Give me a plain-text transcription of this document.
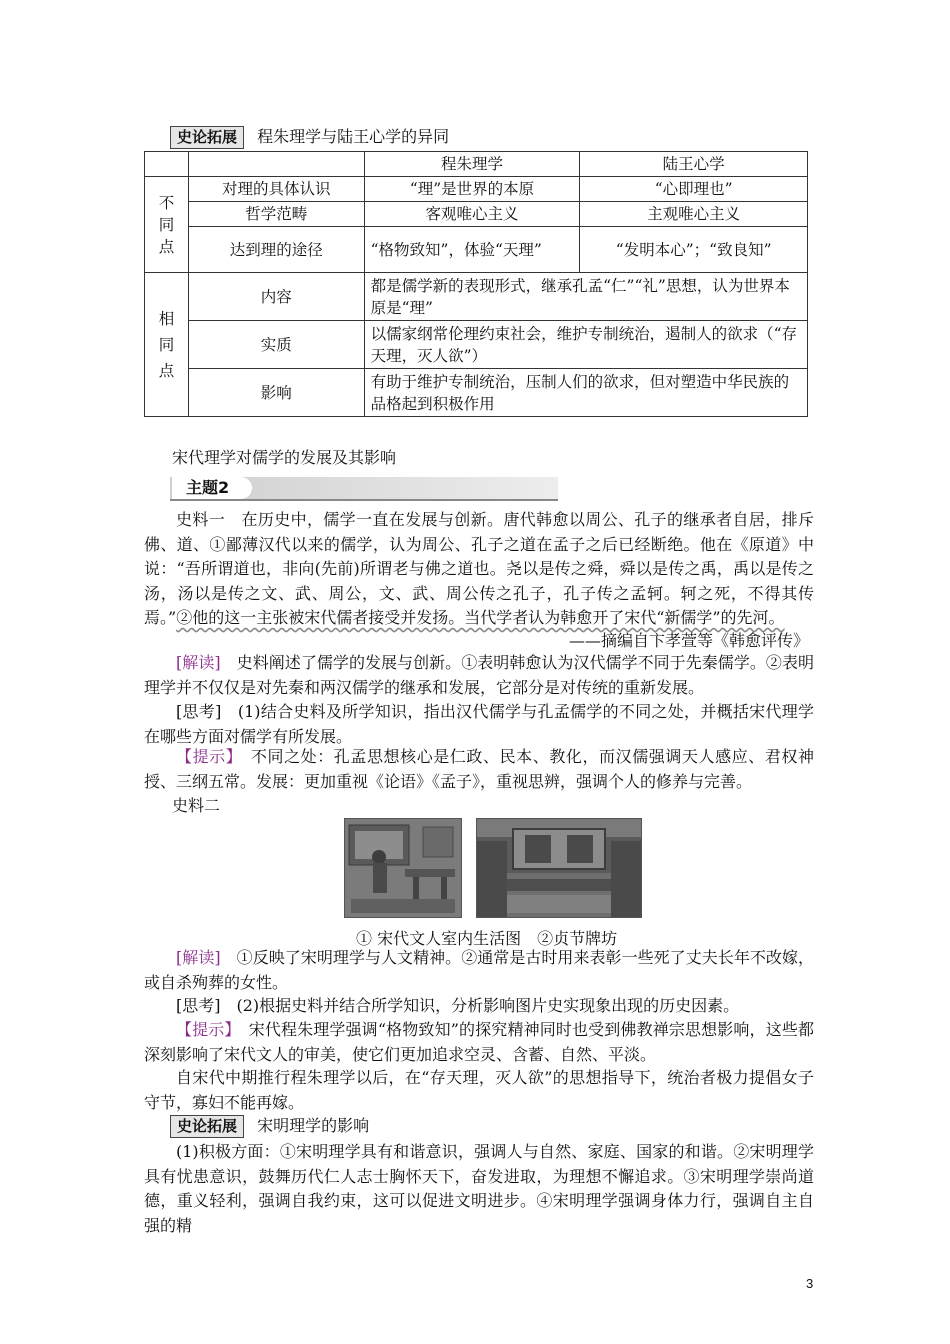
史论拓展 程朱理学与陆王心学的异同
		程朱理学	陆王心学

不同点	对理的具体认识	“理”是世界的本原	“心即理也”
	哲学范畴	客观唯心主义	主观唯心主义
	达到理的途径	“格物致知”，体验“天理”	“发明本心”；“致良知”

相同点	内容	都是儒学新的表现形式，继承孔孟“仁”“礼”思想，认为世界本原是“理”	
	实质	以儒家纲常伦理约束社会，维护专制统治，遏制人的欲求（“存天理，灭人欲”）	
	影响	有助于维护专制统治，压制人们的欲求，但对塑造中华民族的品格起到积极作用	
宋代理学对儒学的发展及其影响
主题2
史料一　在历史中，儒学一直在发展与创新。唐代韩愈以周公、孔子的继承者自居，排斥佛、道、①鄙薄汉代以来的儒学，认为周公、孔子之道在孟子之后已经断绝。他在《原道》中说：“吾所谓道也，非向(先前)所谓老与佛之道也。尧以是传之舜，舜以是传之禹，禹以是传之汤，汤以是传之文、武、周公，文、武、周公传之孔子，孔子传之孟轲。轲之死，不得其传焉。”②他的这一主张被宋代儒者接受并发扬。当代学者认为韩愈开了宋代“新儒学”的先河。
——摘编自卞孝萱等《韩愈评传》
[解读]　史料阐述了儒学的发展与创新。①表明韩愈认为汉代儒学不同于先秦儒学。②表明理学并不仅仅是对先秦和两汉儒学的继承和发展，它部分是对传统的重新发展。
[思考]　(1)结合史料及所学知识，指出汉代儒学与孔孟儒学的不同之处，并概括宋代理学在哪些方面对儒学有所发展。
【提示】　不同之处：孔孟思想核心是仁政、民本、教化，而汉儒强调天人感应、君权神授、三纲五常。发展：更加重视《论语》《孟子》，重视思辨，强调个人的修养与完善。
史料二
① 宋代文人室内生活图　②贞节牌坊
[解读]　①反映了宋明理学与人文精神。②通常是古时用来表彰一些死了丈夫长年不改嫁，或自杀殉葬的女性。
[思考]　(2)根据史料并结合所学知识，分析影响图片史实现象出现的历史因素。
【提示】　宋代程朱理学强调“格物致知”的探究精神同时也受到佛教禅宗思想影响，这些都深刻影响了宋代文人的审美，使它们更加追求空灵、含蓄、自然、平淡。
自宋代中期推行程朱理学以后，在“存天理，灭人欲”的思想指导下，统治者极力提倡女子守节，寡妇不能再嫁。
史论拓展 宋明理学的影响
(1)积极方面：①宋明理学具有和谐意识，强调人与自然、家庭、国家的和谐。②宋明理学具有忧患意识，鼓舞历代仁人志士胸怀天下，奋发进取，为理想不懈追求。③宋明理学崇尚道德，重义轻利，强调自我约束，这可以促进文明进步。④宋明理学强调身体力行，强调自主自强的精
3
